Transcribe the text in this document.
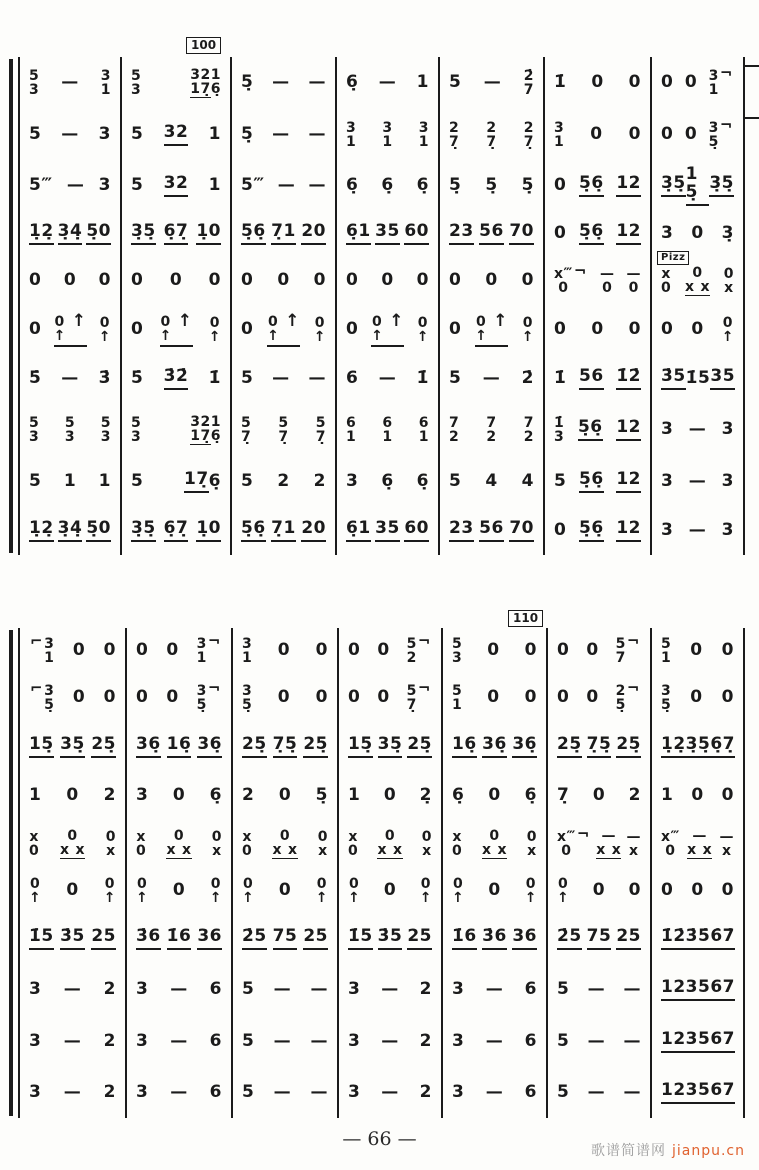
100
Pizz
5
3 — 3
1
5
3
321
17̣6̣ 5̣ — — 6̣ — 1 5 — 2̇
7 1̇ 0 0 0 0 3
1
¬
5 — 3 5 32 1 5̣ — — 3
1
3
1
3
1
2
7̣
2
7̣
2
7̣
3
1 0 0 0 0 3
5̣
¬
5‴ — 3 5 32 1 5‴ — — 6̣ 6̣ 6̣ 5̣ 5̣ 5̣ 0 5̣6̣ 12 3̣5̣ 15̣ 3̣5̣
1̣2̣ 3̣4̣ 5̣0 3̣5̣ 6̣7̣ 1̣0 5̣6̣ 7̣1 20 6̣1 35 60 23 56 70 0 5̣6̣ 12 3 0 3̣
0 0 0 0 0 0 0 0 0 0 0 0 0 0 0 x‴
0
¬ —
0
—
0
x
0
0
x x
0
x
0 0
↑
↑ 0
↑ 0 0
↑
↑ 0
↑ 0 0
↑
↑ 0
↑ 0 0
↑
↑ 0
↑ 0 0
↑
↑ 0
↑ 0 0 0 0 0 0
↑
5̇ — 3̇ 5̇ 3̇2̇ 1̇ 5 — — 6 — 1̇ 5 — 2̇ 1̇ 56 1̇2̇ 3̇5 1̇ 5 35
5
3
5
3
5
3
5
3
321
17̣6̣
5
7̣
5
7̣
5
7̣
6
1
6
1
6
1
7
2
7
2
7
2
1̇
3 5̣6̣ 12 3 — 3
5 1 1 5 17̣ 6̣ 5 2 2 3 6̣ 6̣ 5 4 4 5 5̣6̣ 12 3 — 3
1̣2̣ 3̣4̣ 5̣0 3̣5̣ 6̣7̣ 1̣0 5̣6̣ 7̣1 20 6̣1 35 60 23 56 70 0 5̣6̣ 12 3 — 3
110
⌐ 3
1 0 0 0 0 3
1
¬ 3
1 0 0 0 0 5
2
¬ 5
3 0 0 0 0 5
7
¬ 5
1 0 0
⌐ 3
5̣ 0 0 0 0 3
5̣
¬ 3
5̣ 0 0 0 0 5
7̣
¬ 5
1 0 0 0 0 2
5̣
¬ 3
5̣ 0 0
15̣ 35̣ 25̣ 36̣ 16̣ 36̣ 25̣ 7̣5̣ 25̣ 15̣ 35̣ 25̣ 16̣ 36̣ 36̣ 25̣ 7̣5̣ 25̣ 1̣2̣ 3̣5̣ 6̣7̣
1 0 2 3 0 6̣ 2 0 5̣ 1 0 2̣ 6̣ 0 6̣ 7̣ 0 2 1 0 0
x
0
0
x x
0
x
x
0
0
x x
0
x
x
0
0
x x
0
x
x
0
0
x x
0
x
x
0
0
x x
0
x
x‴
0
¬ —
x x
—
x
x‴
0
—
x x
—
x
0
↑ 0 0
↑
0
↑ 0 0
↑
0
↑ 0 0
↑
0
↑ 0 0
↑
0
↑ 0 0
↑
0
↑ 0 0 0 0 0
1̇5 3̇5 25 3̇6 1̇6 36 2̇5 75 25 1̇5 3̇5 25 1̇6 3̇6 36 2̇5 75 25 1̇2̇ 3̇5̇ 6̇7̇
3 — 2 3 — 6 5 — — 3 — 2 3 — 6 5 — — 12 35 67
3 — 2 3 — 6 5 — — 3 — 2 3 — 6 5 — — 12 35 67
3 — 2 3 — 6 5 — — 3 — 2 3 — 6 5 — — 12 35 67
— 66 —
歌谱简谱网 jianpu.cn
